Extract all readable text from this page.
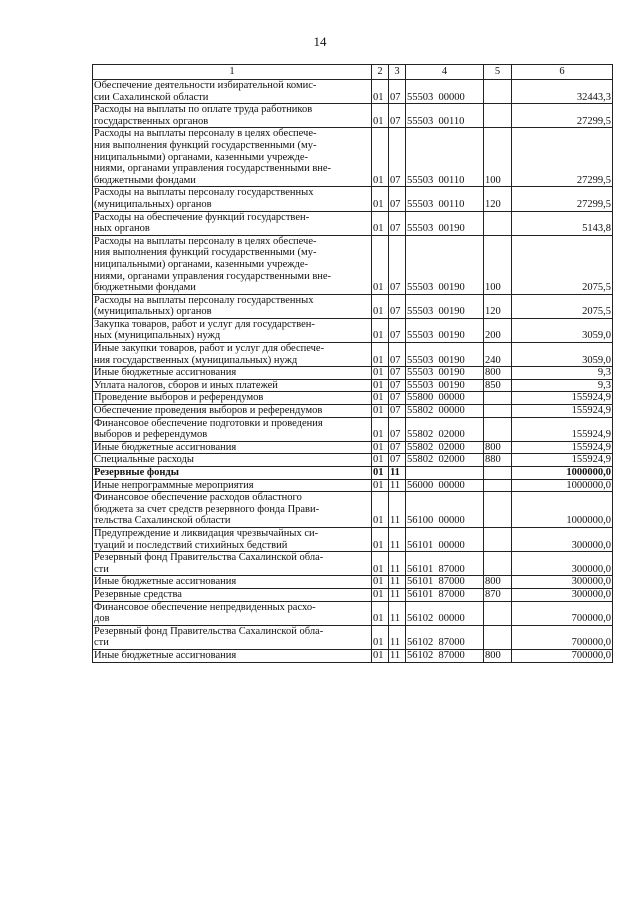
14
1	2	3	4	5	6
Обеспечение деятельности избирательной комис-
сии Сахалинской области	01	07	55503  00000		32443,3
Расходы на выплаты по оплате труда работников
государственных органов	01	07	55503  00110		27299,5
Расходы на выплаты персоналу в целях обеспече-
ния выполнения функций государственными (му-
ниципальными) органами, казенными учрежде-
ниями, органами управления государственными вне-
бюджетными фондами	01	07	55503  00110	100	27299,5
Расходы на выплаты персоналу государственных
(муниципальных) органов	01	07	55503  00110	120	27299,5
Расходы на обеспечение функций государствен-
ных органов	01	07	55503  00190		5143,8
Расходы на выплаты персоналу в целях обеспече-
ния выполнения функций государственными (му-
ниципальными) органами, казенными учрежде-
ниями, органами управления государственными вне-
бюджетными фондами	01	07	55503  00190	100	2075,5
Расходы на выплаты персоналу государственных
(муниципальных) органов	01	07	55503  00190	120	2075,5
Закупка товаров, работ и услуг для государствен-
ных (муниципальных) нужд	01	07	55503  00190	200	3059,0
Иные закупки товаров, работ и услуг для обеспече-
ния государственных (муниципальных) нужд	01	07	55503  00190	240	3059,0
Иные бюджетные ассигнования	01	07	55503  00190	800	9,3
Уплата налогов, сборов и иных платежей	01	07	55503  00190	850	9,3
Проведение выборов и референдумов	01	07	55800  00000		155924,9
Обеспечение проведения выборов и референдумов	01	07	55802  00000		155924,9
Финансовое обеспечение подготовки и проведения
выборов и референдумов	01	07	55802  02000		155924,9
Иные бюджетные ассигнования	01	07	55802  02000	800	155924,9
Специальные расходы	01	07	55802  02000	880	155924,9
Резервные фонды	01	11			1000000,0
Иные непрограммные мероприятия	01	11	56000  00000		1000000,0
Финансовое обеспечение расходов областного
бюджета за счет средств резервного фонда Прави-
тельства Сахалинской области	01	11	56100  00000		1000000,0
Предупреждение и ликвидация чрезвычайных си-
туаций и последствий стихийных бедствий	01	11	56101  00000		300000,0
Резервный фонд Правительства Сахалинской обла-
сти	01	11	56101  87000		300000,0
Иные бюджетные ассигнования	01	11	56101  87000	800	300000,0
Резервные средства	01	11	56101  87000	870	300000,0
Финансовое обеспечение непредвиденных расхо-
дов	01	11	56102  00000		700000,0
Резервный фонд Правительства Сахалинской обла-
сти	01	11	56102  87000		700000,0
Иные бюджетные ассигнования	01	11	56102  87000	800	700000,0
